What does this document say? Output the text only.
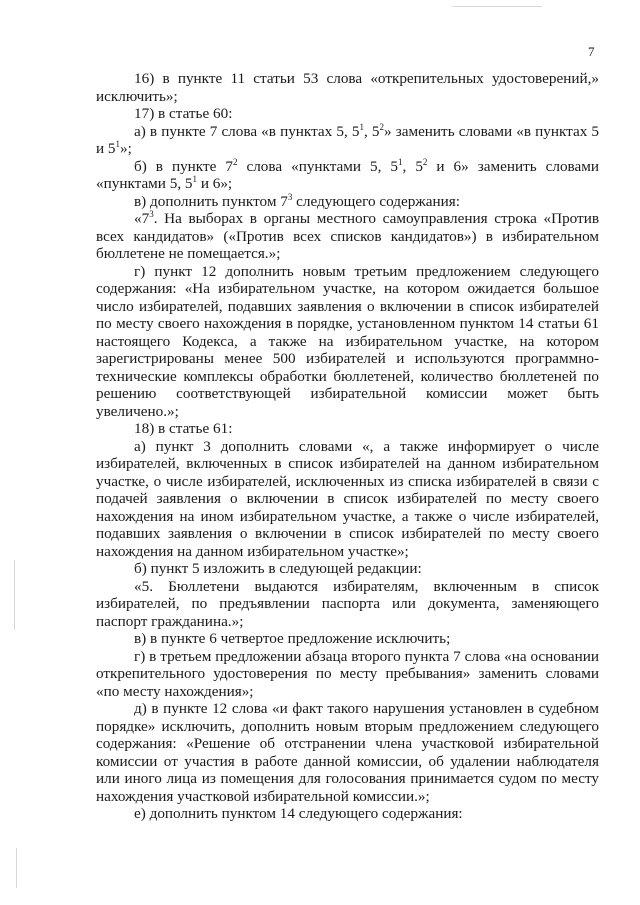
7

16) в пункте 11 статьи 53 слова «открепительных удостоверений,» исключить»;

17) в статье 60:

а) в пункте 7 слова «в пунктах 5, $5^1$, $5^2$» заменить словами «в пунктах 5 и $5^1$»;

б) в пункте $7^2$ слова «пунктами 5, $5^1$, $5^2$ и 6» заменить словами «пунктами 5, $5^1$ и 6»;

в) дополнить пунктом $7^3$ следующего содержания:

«$7^3$. На выборах в органы местного самоуправления строка «Против всех кандидатов» («Против всех списков кандидатов») в избирательном бюллетене не помещается.»;

г) пункт 12 дополнить новым третьим предложением следующего содержания: «На избирательном участке, на котором ожидается большое число избирателей, подавших заявления о включении в список избирателей по месту своего нахождения в порядке, установленном пунктом 14 статьи 61 настоящего Кодекса, а также на избирательном участке, на котором зарегистрированы менее 500 избирателей и используются программно-технические комплексы обработки бюллетеней, количество бюллетеней по решению соответствующей избирательной комиссии может быть увеличено.»;

18) в статье 61:

а) пункт 3 дополнить словами «, а также информирует о числе избирателей, включенных в список избирателей на данном избирательном участке, о числе избирателей, исключенных из списка избирателей в связи с подачей заявления о включении в список избирателей по месту своего нахождения на ином избирательном участке, а также о числе избирателей, подавших заявления о включении в список избирателей по месту своего нахождения на данном избирательном участке»;

б) пункт 5 изложить в следующей редакции:

«5. Бюллетени выдаются избирателям, включенным в список избирателей, по предъявлении паспорта или документа, заменяющего паспорт гражданина.»;

в) в пункте 6 четвертое предложение исключить;

г) в третьем предложении абзаца второго пункта 7 слова «на основании открепительного удостоверения по месту пребывания» заменить словами «по месту нахождения»;

д) в пункте 12 слова «и факт такого нарушения установлен в судебном порядке» исключить, дополнить новым вторым предложением следующего содержания: «Решение об отстранении члена участковой избирательной комиссии от участия в работе данной комиссии, об удалении наблюдателя или иного лица из помещения для голосования принимается судом по месту нахождения участковой избирательной комиссии.»;

е) дополнить пунктом 14 следующего содержания:
